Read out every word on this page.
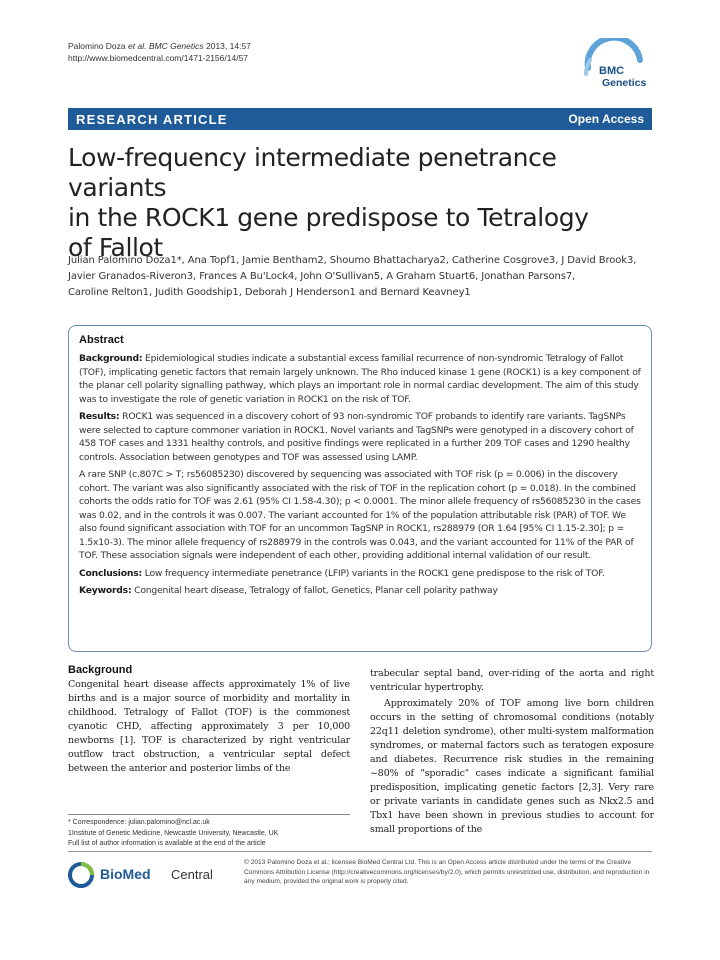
Palomino Doza et al. BMC Genetics 2013, 14:57
http://www.biomedcentral.com/1471-2156/14/57
BMC
Genetics
RESEARCH ARTICLE	Open Access
Low-frequency intermediate penetrance variants
in the ROCK1 gene predispose to Tetralogy
of Fallot
Julian Palomino Doza1*, Ana Topf1, Jamie Bentham2, Shoumo Bhattacharya2, Catherine Cosgrove3, J David Brook3,
Javier Granados-Riveron3, Frances A Bu'Lock4, John O'Sullivan5, A Graham Stuart6, Jonathan Parsons7,
Caroline Relton1, Judith Goodship1, Deborah J Henderson1 and Bernard Keavney1
Abstract

Background: Epidemiological studies indicate a substantial excess familial recurrence of non-syndromic Tetralogy of Fallot (TOF), implicating genetic factors that remain largely unknown. The Rho induced kinase 1 gene (ROCK1) is a key component of the planar cell polarity signalling pathway, which plays an important role in normal cardiac development. The aim of this study was to investigate the role of genetic variation in ROCK1 on the risk of TOF.

Results: ROCK1 was sequenced in a discovery cohort of 93 non-syndromic TOF probands to identify rare variants. TagSNPs were selected to capture commoner variation in ROCK1. Novel variants and TagSNPs were genotyped in a discovery cohort of 458 TOF cases and 1331 healthy controls, and positive findings were replicated in a further 209 TOF cases and 1290 healthy controls. Association between genotypes and TOF was assessed using LAMP.

A rare SNP (c.807C > T; rs56085230) discovered by sequencing was associated with TOF risk (p = 0.006) in the discovery cohort. The variant was also significantly associated with the risk of TOF in the replication cohort (p = 0.018). In the combined cohorts the odds ratio for TOF was 2.61 (95% CI 1.58-4.30); p < 0.0001. The minor allele frequency of rs56085230 in the cases was 0.02, and in the controls it was 0.007. The variant accounted for 1% of the population attributable risk (PAR) of TOF. We also found significant association with TOF for an uncommon TagSNP in ROCK1, rs288979 (OR 1.64 [95% CI 1.15-2.30]; p = 1.5x10-3). The minor allele frequency of rs288979 in the controls was 0.043, and the variant accounted for 11% of the PAR of TOF. These association signals were independent of each other, providing additional internal validation of our result.

Conclusions: Low frequency intermediate penetrance (LFIP) variants in the ROCK1 gene predispose to the risk of TOF.

Keywords: Congenital heart disease, Tetralogy of fallot, Genetics, Planar cell polarity pathway

Background
Congenital heart disease affects approximately 1% of live births and is a major source of morbidity and mortality in childhood. Tetralogy of Fallot (TOF) is the commonest cyanotic CHD, affecting approximately 3 per 10,000 newborns [1]. TOF is characterized by right ventricular outflow tract obstruction, a ventricular septal defect between the anterior and posterior limbs of the
trabecular septal band, over-riding of the aorta and right ventricular hypertrophy.
Approximately 20% of TOF among live born children occurs in the setting of chromosomal conditions (notably 22q11 deletion syndrome), other multi-system malformation syndromes, or maternal factors such as teratogen exposure and diabetes. Recurrence risk studies in the remaining ~80% of "sporadic" cases indicate a significant familial predisposition, implicating genetic factors [2,3]. Very rare or private variants in candidate genes such as Nkx2.5 and Tbx1 have been shown in previous studies to account for small proportions of the
* Correspondence: julian.palomino@ncl.ac.uk
1Institute of Genetic Medicine, Newcastle University, Newcastle, UK
Full list of author information is available at the end of the article
BioMed Central
© 2013 Palomino Doza et al.; licensee BioMed Central Ltd. This is an Open Access article distributed under the terms of the Creative Commons Attribution License (http://creativecommons.org/licenses/by/2.0), which permits unrestricted use, distribution, and reproduction in any medium, provided the original work is properly cited.
